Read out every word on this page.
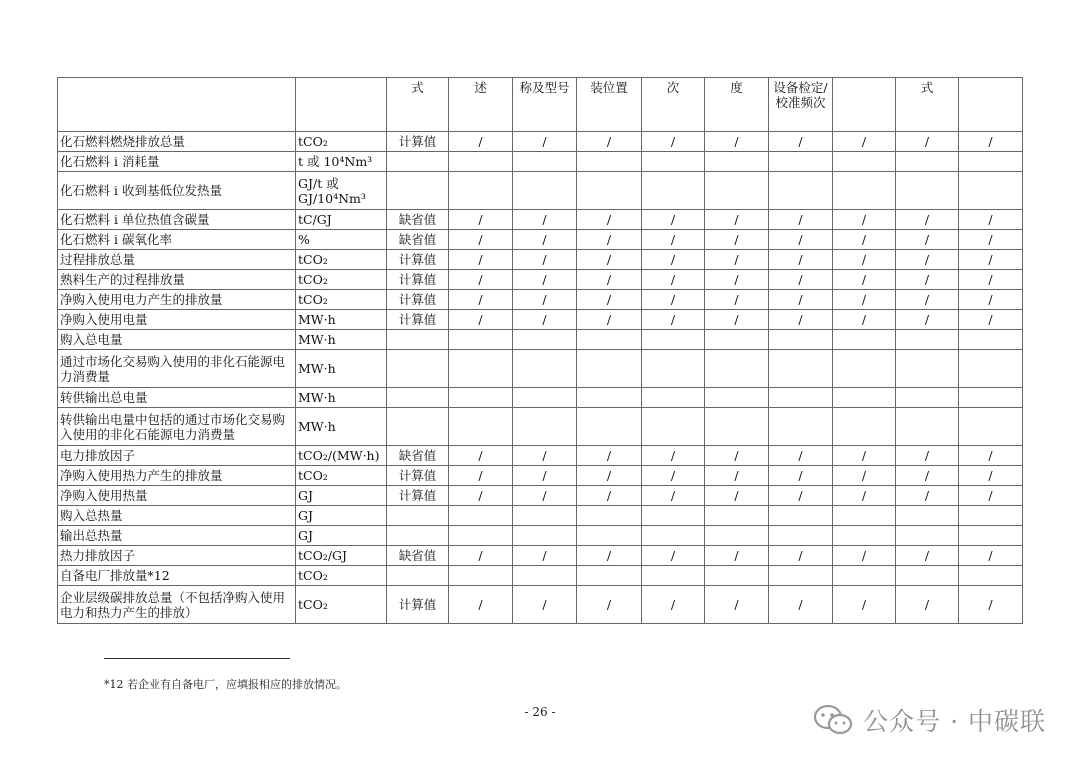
		式	述	称及型号	装位置	次	度	设备检定/校准频次		式	
化石燃料燃烧排放总量	tCO₂	计算值	/	/	/	/	/	/	/	/	/
化石燃料 i 消耗量	t 或 10⁴Nm³										
化石燃料 i 收到基低位发热量	GJ/t 或 GJ/10⁴Nm³										
化石燃料 i 单位热值含碳量	tC/GJ	缺省值	/	/	/	/	/	/	/	/	/
化石燃料 i 碳氧化率	%	缺省值	/	/	/	/	/	/	/	/	/
过程排放总量	tCO₂	计算值	/	/	/	/	/	/	/	/	/
熟料生产的过程排放量	tCO₂	计算值	/	/	/	/	/	/	/	/	/
净购入使用电力产生的排放量	tCO₂	计算值	/	/	/	/	/	/	/	/	/
净购入使用电量	MW·h	计算值	/	/	/	/	/	/	/	/	/
购入总电量	MW·h										
通过市场化交易购入使用的非化石能源电力消费量	MW·h										
转供输出总电量	MW·h										
转供输出电量中包括的通过市场化交易购入使用的非化石能源电力消费量	MW·h										
电力排放因子	tCO₂/(MW·h)	缺省值	/	/	/	/	/	/	/	/	/
净购入使用热力产生的排放量	tCO₂	计算值	/	/	/	/	/	/	/	/	/
净购入使用热量	GJ	计算值	/	/	/	/	/	/	/	/	/
购入总热量	GJ										
输出总热量	GJ										
热力排放因子	tCO₂/GJ	缺省值	/	/	/	/	/	/	/	/	/
自备电厂排放量*12	tCO₂										
企业层级碳排放总量（不包括净购入使用电力和热力产生的排放）	tCO₂	计算值	/	/	/	/	/	/	/	/	/
*12 若企业有自备电厂，应填报相应的排放情况。
- 26 -	公众号 · 中碳联
